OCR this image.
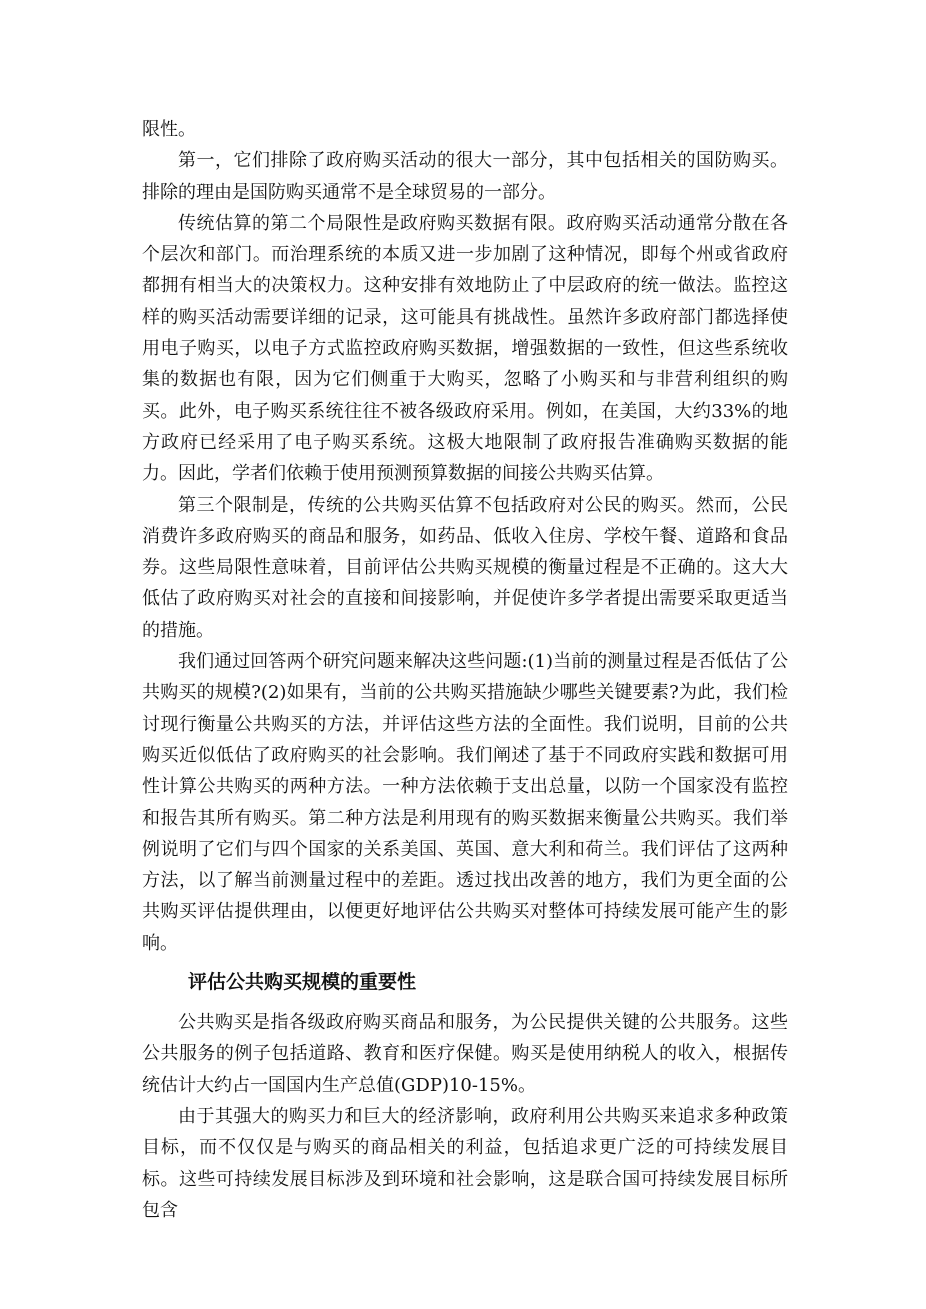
限性。

第一，它们排除了政府购买活动的很大一部分，其中包括相关的国防购买。排除的理由是国防购买通常不是全球贸易的一部分。

传统估算的第二个局限性是政府购买数据有限。政府购买活动通常分散在各个层次和部门。而治理系统的本质又进一步加剧了这种情况，即每个州或省政府都拥有相当大的决策权力。这种安排有效地防止了中层政府的统一做法。监控这样的购买活动需要详细的记录，这可能具有挑战性。虽然许多政府部门都选择使用电子购买，以电子方式监控政府购买数据，增强数据的一致性，但这些系统收集的数据也有限，因为它们侧重于大购买，忽略了小购买和与非营利组织的购买。此外，电子购买系统往往不被各级政府采用。例如，在美国，大约33%的地方政府已经采用了电子购买系统。这极大地限制了政府报告准确购买数据的能力。因此，学者们依赖于使用预测预算数据的间接公共购买估算。

第三个限制是，传统的公共购买估算不包括政府对公民的购买。然而，公民消费许多政府购买的商品和服务，如药品、低收入住房、学校午餐、道路和食品券。这些局限性意味着，目前评估公共购买规模的衡量过程是不正确的。这大大低估了政府购买对社会的直接和间接影响，并促使许多学者提出需要采取更适当的措施。

我们通过回答两个研究问题来解决这些问题:(1)当前的测量过程是否低估了公共购买的规模?(2)如果有，当前的公共购买措施缺少哪些关键要素?为此，我们检讨现行衡量公共购买的方法，并评估这些方法的全面性。我们说明，目前的公共购买近似低估了政府购买的社会影响。我们阐述了基于不同政府实践和数据可用性计算公共购买的两种方法。一种方法依赖于支出总量，以防一个国家没有监控和报告其所有购买。第二种方法是利用现有的购买数据来衡量公共购买。我们举例说明了它们与四个国家的关系美国、英国、意大利和荷兰。我们评估了这两种方法，以了解当前测量过程中的差距。透过找出改善的地方，我们为更全面的公共购买评估提供理由，以便更好地评估公共购买对整体可持续发展可能产生的影响。

评估公共购买规模的重要性

公共购买是指各级政府购买商品和服务，为公民提供关键的公共服务。这些公共服务的例子包括道路、教育和医疗保健。购买是使用纳税人的收入，根据传统估计大约占一国国内生产总值(GDP)10-15%。

由于其强大的购买力和巨大的经济影响，政府利用公共购买来追求多种政策目标，而不仅仅是与购买的商品相关的利益，包括追求更广泛的可持续发展目标。这些可持续发展目标涉及到环境和社会影响，这是联合国可持续发展目标所包含
